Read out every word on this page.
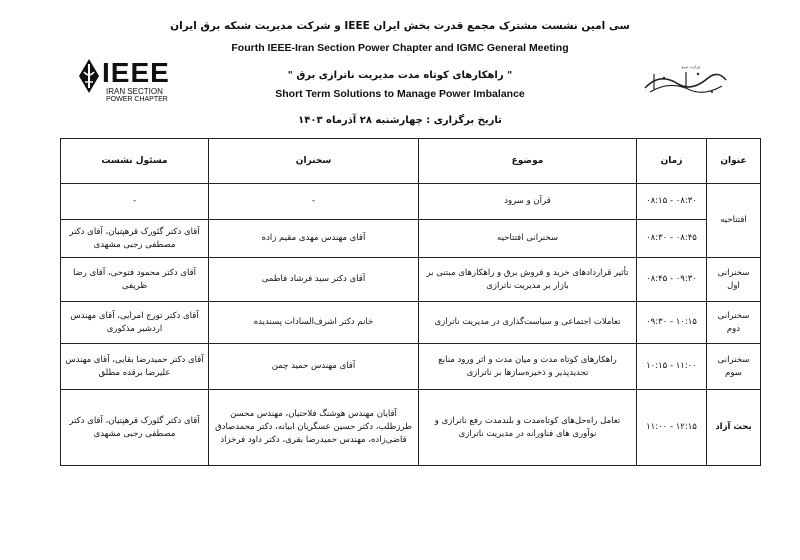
سی‌ امین نشست مشترک مجمع قدرت بخش ایران IEEE و شرکت مدیریت شبکه برق ایران
Fourth IEEE-Iran Section Power Chapter and IGMC General Meeting
" راهکارهای کوتاه مدت مدیریت ناترازی برق "
Short Term Solutions to Manage Power Imbalance
تاریخ برگزاری : چهارشنبه ۲۸ آذرماه ۱۴۰۳
IEEE
IRAN SECTION
POWER CHAPTER
وزارت نیرو
عنوان	زمان	موضوع	سخنران	مسئول نشست
افتتاحیه	۰۸:۳۰ - ۰۸:۱۵	قرآن و سرود	-	-
	۰۸:۴۵ - ۰۸:۳۰	سخنرانی افتتاحیه	آقای مهندس مهدی مقیم زاده	آقای دکتر گئورک قرهپتیان، آقای دکتر مصطفی رجبی مشهدی
سخنرانی اول	۰۹:۳۰ - ۰۸:۴۵	تأثیر قراردادهای خرید و فروش برق و راهکارهای مبتنی بر بازار بر مدیریت ناترازی	آقای دکتر سید فرشاد فاطمی	آقای دکتر محمود فتوحی، آقای رضا ظریفی
سخنرانی دوم	۱۰:۱۵ - ۰۹:۳۰	تعاملات اجتماعی و سیاست‌گذاری در مدیریت ناترازی	خانم دکتر اشرف‌السادات پسندیده	آقای دکتر تورج امرایی، آقای مهندس اردشیر مذکوری
سخنرانی سوم	۱۱:۰۰ - ۱۰:۱۵	راهکارهای کوتاه مدت و میان مدت و اثر ورود منابع تجدیدپذیر و ذخیره‌سازها بر ناترازی	آقای مهندس حمید چمن	آقای دکتر حمیدرضا بقایی، آقای مهندس علیرضا برقده مطلق
بحث آزاد	۱۲:۱۵ - ۱۱:۰۰	تعامل راه‌حل‌های کوتاه‌مدت و بلندمدت رفع ناترازی و نوآوری های فناورانه در مدیریت ناترازی	آقایان مهندس هوشنگ فلاحتیان، مهندس محسن طرزطلب، دکتر حسین عسگریان ابیانه، دکتر محمدصادق قاضی‌زاده، مهندس حمیدرضا بقری، دکتر داود فرخزاد	آقای دکتر گئورک قرهپتیان، آقای دکتر مصطفی رجبی مشهدی
